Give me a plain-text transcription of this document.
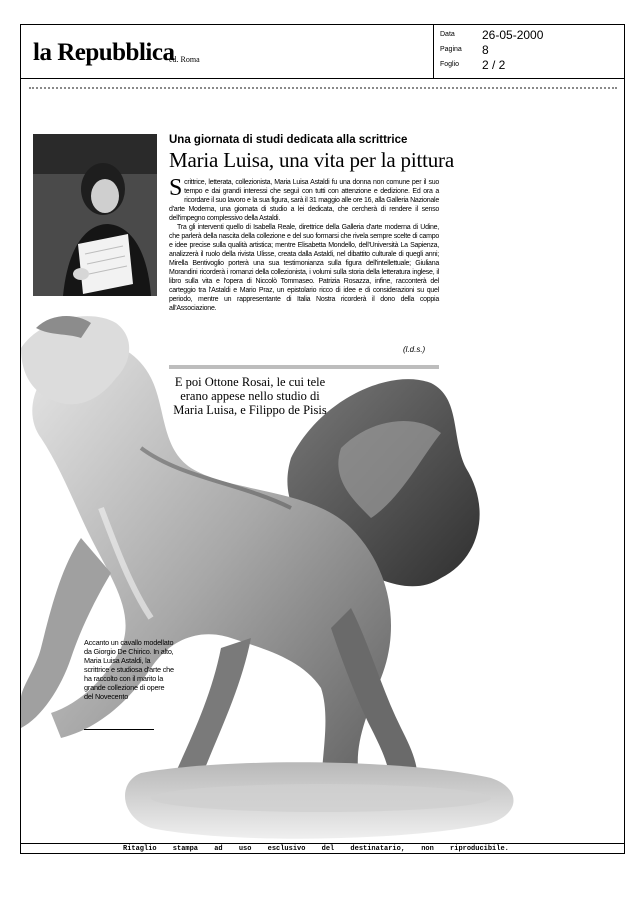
la Repubblica
ed. Roma
Data 26-05-2000
Pagina 8
Foglio 2 / 2
Una giornata di studi dedicata alla scrittrice
Maria Luisa, una vita per la pittura

Scrittrice, letterata, collezionista, Maria Luisa Astaldi fu una donna non comune per il suo tempo e dai grandi interessi che seguì con tutti con attenzione e dedizione. Ed ora a ricordare il suo lavoro e la sua figura, sarà il 31 maggio alle ore 16, alla Galleria Nazionale d'arte Moderna, una giornata di studio a lei dedicata, che cercherà di rendere il senso dell'impegno complessivo della Astaldi.

Tra gli interventi quello di Isabella Reale, direttrice della Galleria d'arte moderna di Udine, che parlerà della nascita della collezione e del suo formarsi che rivela sempre scelte di campo e idee precise sulla qualità artistica; mentre Elisabetta Mondello, dell'Università La Sapienza, analizzerà il ruolo della rivista Ulisse, creata dalla Astaldi, nel dibattito culturale di quegli anni; Mirella Bentivoglio porterà una sua testimonianza sulla figura dell'intellettuale; Giuliana Morandini ricorderà i romanzi della collezionista, i volumi sulla storia della letteratura inglese, il libro sulla vita e l'opera di Niccolò Tommaseo. Patrizia Rosazza, infine, racconterà del carteggio tra l'Astaldi e Mario Praz, un epistolario ricco di idee e di considerazioni su quel periodo, mentre un rappresentante di Italia Nostra ricorderà il dono della coppia all'Associazione.

(l.d.s.)
E poi Ottone Rosai, le cui tele erano appese nello studio di Maria Luisa, e Filippo de Pisis
Accanto un cavallo modellato da Giorgio De Chirico. In alto, Maria Luisa Astaldi, la scrittrice e studiosa d'arte che ha raccolto con il marito la grande collezione di opere del Novecento
Ritaglio stampa ad uso esclusivo del destinatario, non riproducibile.
